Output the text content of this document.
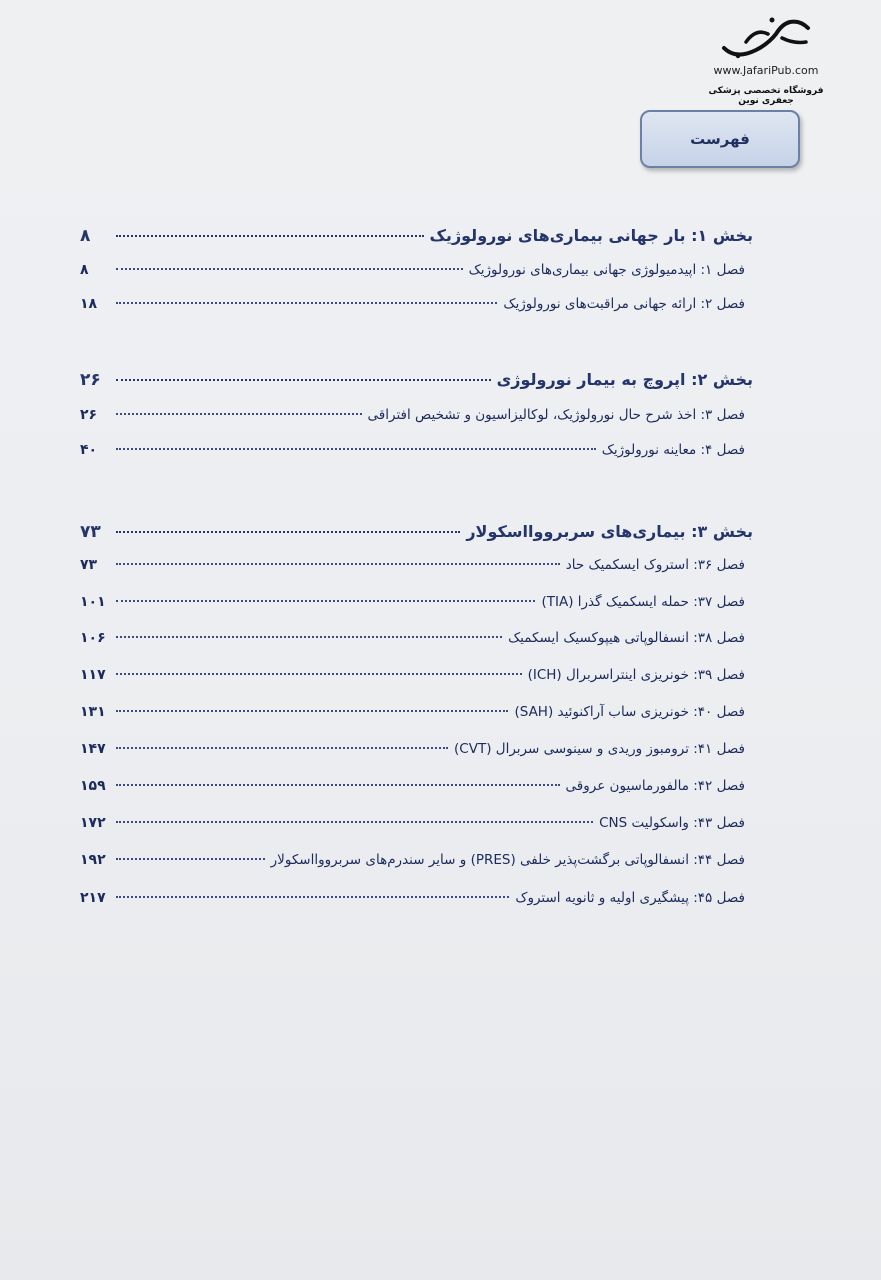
www.JafariPub.com
فروشگاه تخصصی پزشکی جعفری نوین
فهرست
بخش ۱: بار جهانی بیماری‌های نورولوژیک
۸
فصل ۱: اپیدمیولوژی جهانی بیماری‌های نورولوژیک
۸
فصل ۲: ارائه جهانی مراقبت‌های نورولوژیک
۱۸
بخش ۲: اپروچ به بیمار نورولوژی
۲۶
فصل ۳: اخذ شرح حال نورولوژیک، لوکالیزاسیون و تشخیص افتراقی
۲۶
فصل ۴: معاینه نورولوژیک
۴۰
بخش ۳: بیماری‌های سربرووااسکولار
۷۳
فصل ۳۶: استروک ایسکمیک حاد
۷۳
فصل ۳۷: حمله ایسکمیک گذرا (TIA)
۱۰۱
فصل ۳۸: انسفالوپاتی هیپوکسیک ایسکمیک
۱۰۶
فصل ۳۹: خونریزی اینتراسربرال (ICH)
۱۱۷
فصل ۴۰: خونریزی ساب آراکنوئید (SAH)
۱۳۱
فصل ۴۱: ترومبوز وریدی و سینوسی سربرال (CVT)
۱۴۷
فصل ۴۲: مالفورماسیون عروقی
۱۵۹
فصل ۴۳: واسکولیت CNS
۱۷۲
فصل ۴۴: انسفالوپاتی برگشت‌پذیر خلفی (PRES) و سایر سندرم‌های سربرووااسکولار
۱۹۲
فصل ۴۵: پیشگیری اولیه و ثانویه استروک
۲۱۷
